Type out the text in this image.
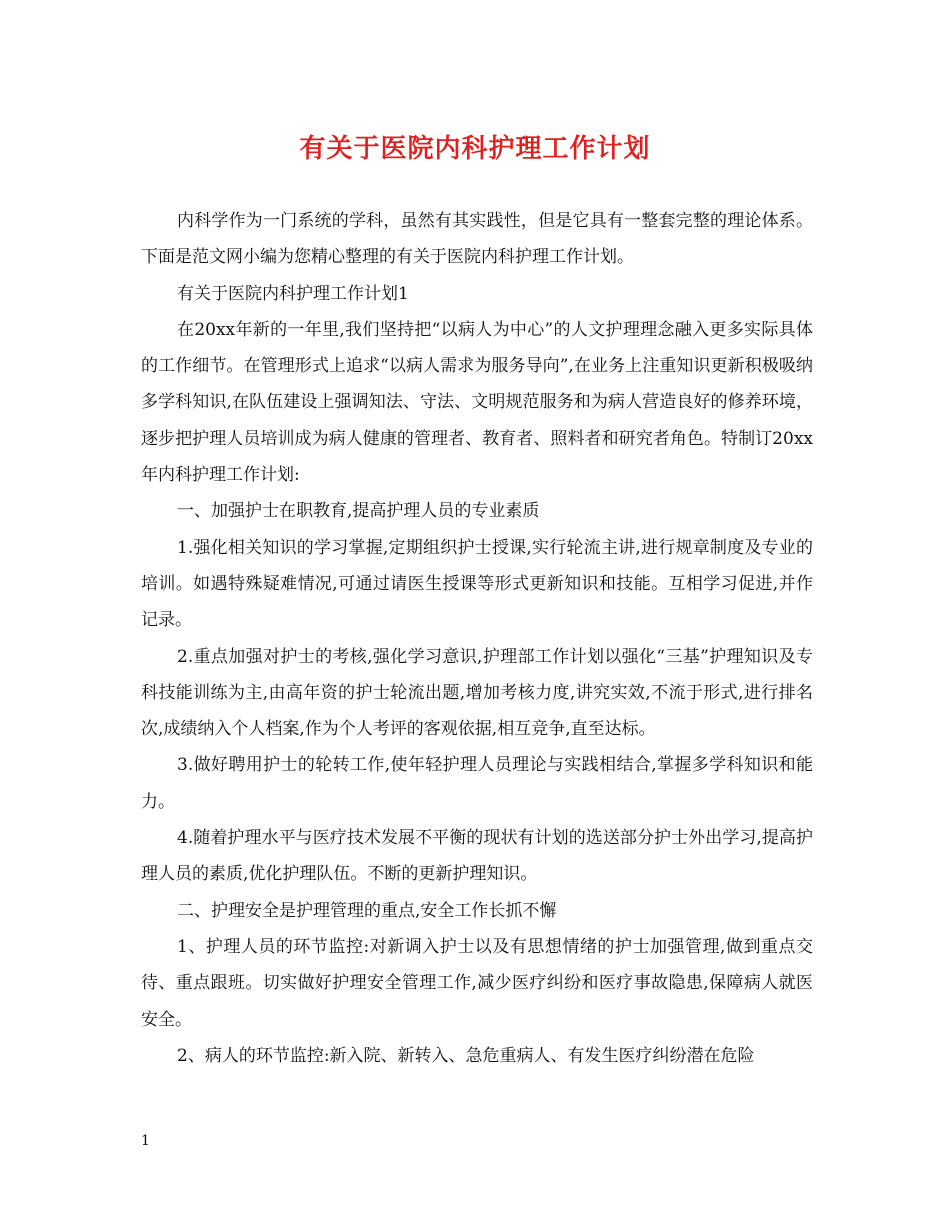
有关于医院内科护理工作计划

内科学作为一门系统的学科，虽然有其实践性，但是它具有一整套完整的理论体系。下面是范文网小编为您精心整理的有关于医院内科护理工作计划。

有关于医院内科护理工作计划1

在20xx年新的一年里,我们坚持把“以病人为中心”的人文护理理念融入更多实际具体的工作细节。在管理形式上追求“以病人需求为服务导向”,在业务上注重知识更新积极吸纳多学科知识,在队伍建设上强调知法、守法、文明规范服务和为病人营造良好的修养环境，逐步把护理人员培训成为病人健康的管理者、教育者、照料者和研究者角色。特制订20xx年内科护理工作计划:

一、加强护士在职教育,提高护理人员的专业素质

1.强化相关知识的学习掌握,定期组织护士授课,实行轮流主讲,进行规章制度及专业的培训。如遇特殊疑难情况,可通过请医生授课等形式更新知识和技能。互相学习促进,并作记录。

2.重点加强对护士的考核,强化学习意识,护理部工作计划以强化“三基”护理知识及专科技能训练为主,由高年资的护士轮流出题,增加考核力度,讲究实效,不流于形式,进行排名次,成绩纳入个人档案,作为个人考评的客观依据,相互竞争,直至达标。

3.做好聘用护士的轮转工作,使年轻护理人员理论与实践相结合,掌握多学科知识和能力。

4.随着护理水平与医疗技术发展不平衡的现状有计划的选送部分护士外出学习,提高护理人员的素质,优化护理队伍。不断的更新护理知识。

二、护理安全是护理管理的重点,安全工作长抓不懈

1、护理人员的环节监控:对新调入护士以及有思想情绪的护士加强管理,做到重点交待、重点跟班。切实做好护理安全管理工作,减少医疗纠纷和医疗事故隐患,保障病人就医安全。

2、病人的环节监控:新入院、新转入、急危重病人、有发生医疗纠纷潜在危险

1
